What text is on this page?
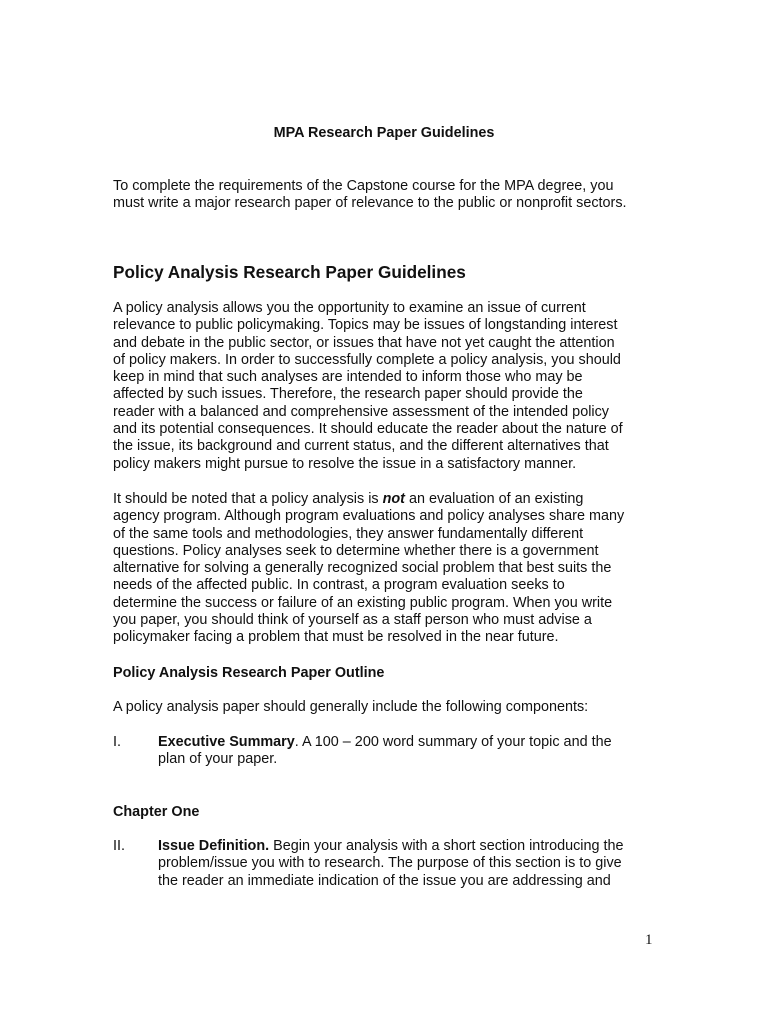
MPA Research Paper Guidelines

To complete the requirements of the Capstone course for the MPA degree, you
must write a major research paper of relevance to the public or nonprofit sectors.

Policy Analysis Research Paper Guidelines

A policy analysis allows you the opportunity to examine an issue of current
relevance to public policymaking. Topics may be issues of longstanding interest
and debate in the public sector, or issues that have not yet caught the attention
of policy makers. In order to successfully complete a policy analysis, you should
keep in mind that such analyses are intended to inform those who may be
affected by such issues. Therefore, the research paper should provide the
reader with a balanced and comprehensive assessment of the intended policy
and its potential consequences. It should educate the reader about the nature of
the issue, its background and current status, and the different alternatives that
policy makers might pursue to resolve the issue in a satisfactory manner.

It should be noted that a policy analysis is not an evaluation of an existing
agency program. Although program evaluations and policy analyses share many
of the same tools and methodologies, they answer fundamentally different
questions. Policy analyses seek to determine whether there is a government
alternative for solving a generally recognized social problem that best suits the
needs of the affected public. In contrast, a program evaluation seeks to
determine the success or failure of an existing public program. When you write
you paper, you should think of yourself as a staff person who must advise a
policymaker facing a problem that must be resolved in the near future.

Policy Analysis Research Paper Outline

A policy analysis paper should generally include the following components:

I.	Executive Summary. A 100 – 200 word summary of your topic and the
plan of your paper.

Chapter One

II. Issue Definition. Begin your analysis with a short section introducing the
problem/issue you with to research. The purpose of this section is to give
the reader an immediate indication of the issue you are addressing and

1
